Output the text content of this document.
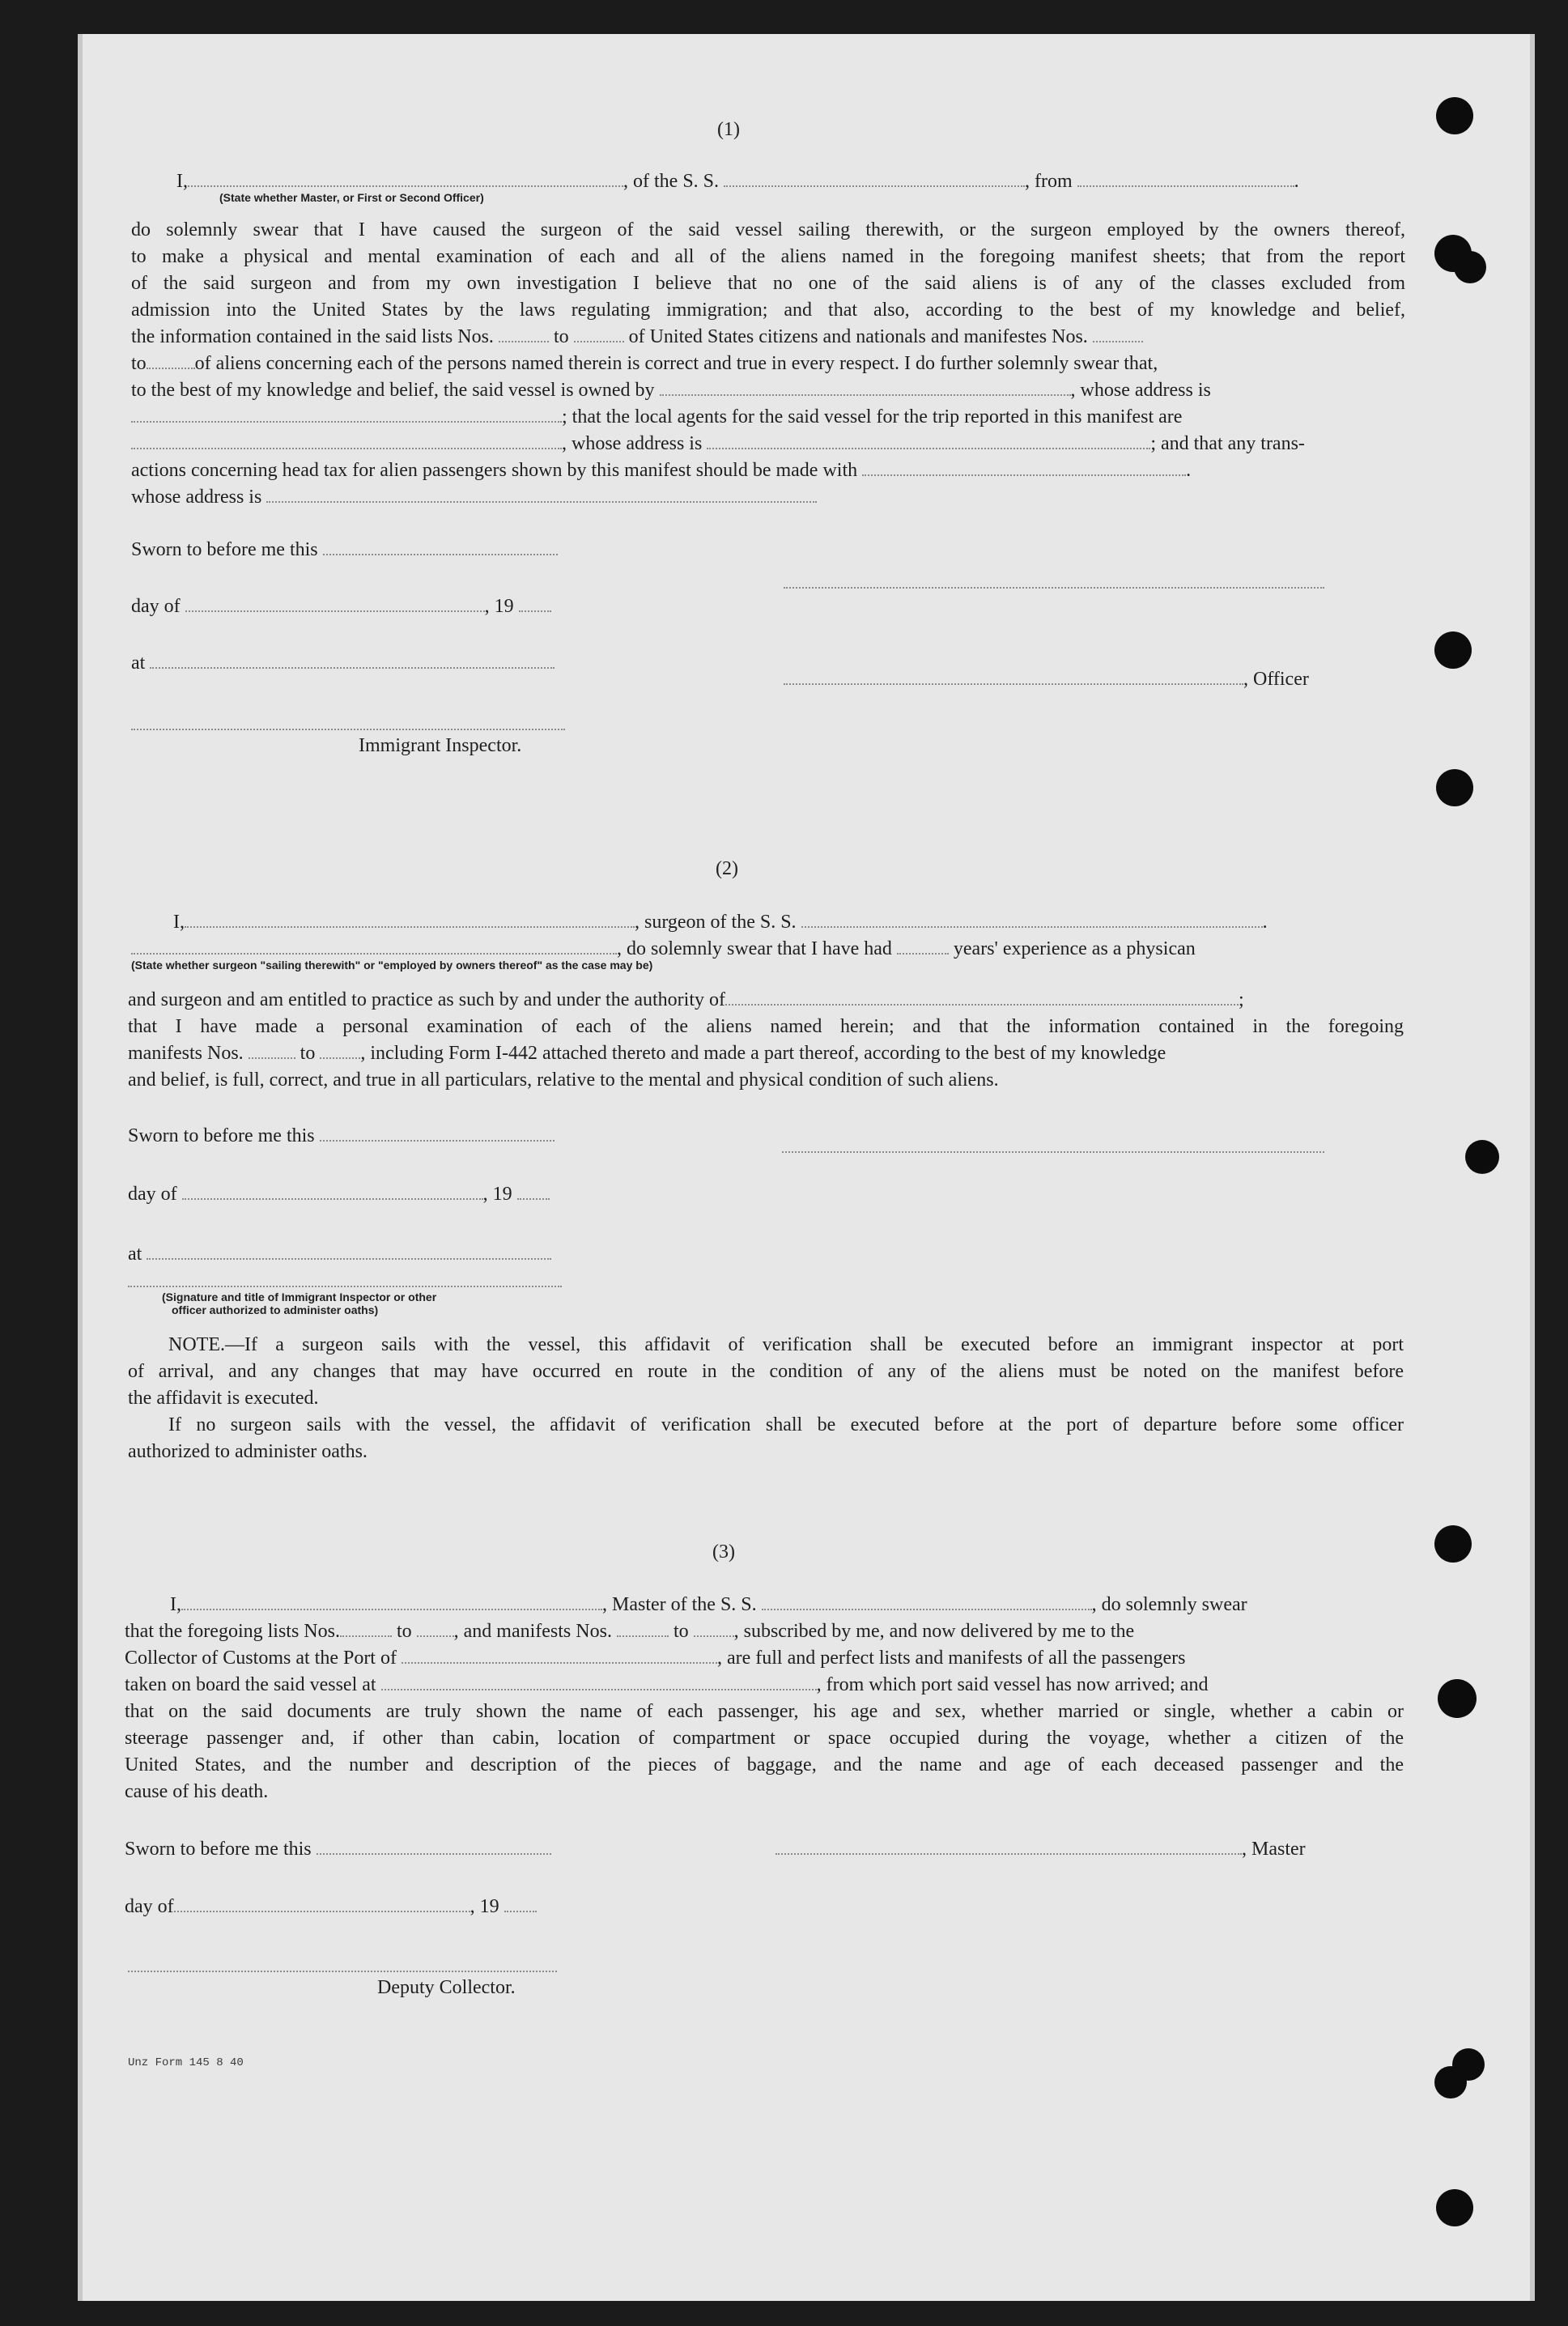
(1)
I,	, of the S. S.	, from	.
(State whether Master, or First or Second Officer)
do solemnly swear that I have caused the surgeon of the said vessel sailing therewith, or the surgeon employed by the owners thereof,
to make a physical and mental examination of each and all of the aliens named in the foregoing manifest sheets; that from the report
of the said surgeon and from my own investigation I believe that no one of the said aliens is of any of the classes excluded from
admission into the United States by the laws regulating immigration; and that also, according to the best of my knowledge and belief,
the information contained in the said lists Nos.	to	of United States citizens and nationals and manifestes Nos.
to	of aliens concerning each of the persons named therein is correct and true in every respect. I do further solemnly swear that,
to the best of my knowledge and belief, the said vessel is owned by	, whose address is
; that the local agents for the said vessel for the trip reported in this manifest are
, whose address is	; and that any trans-
actions concerning head tax for alien passengers shown by this manifest should be made with	.
whose address is
Sworn to before me this
day of	, 19
at
, Officer
Immigrant Inspector.
(2)
I,	, surgeon of the S. S.	.
, do solemnly swear that I have had	years' experience as a physican
(State whether surgeon "sailing therewith" or "employed by owners thereof" as the case may be)
and surgeon and am entitled to practice as such by and under the authority of	;
that I have made a personal examination of each of the aliens named herein; and that the information contained in the foregoing
manifests Nos.	to , including Form I-442 attached thereto and made a part thereof, according to the best of my knowledge
and belief, is full, correct, and true in all particulars, relative to the mental and physical condition of such aliens.
Sworn to before me this
day of	, 19
at
(Signature and title of Immigrant Inspector or other
officer authorized to administer oaths)
NOTE.—If a surgeon sails with the vessel, this affidavit of verification shall be executed before an immigrant inspector at port
of arrival, and any changes that may have occurred en route in the condition of any of the aliens must be noted on the manifest before
the affidavit is executed.
If no surgeon sails with the vessel, the affidavit of verification shall be executed before at the port of departure before some officer
authorized to administer oaths.
(3)
I,	, Master of the S. S.	, do solemnly swear
that the foregoing lists Nos.	to , and manifests Nos.	to , subscribed by me, and now delivered by me to the
Collector of Customs at the Port of	, are full and perfect lists and manifests of all the passengers
taken on board the said vessel at	, from which port said vessel has now arrived; and
that on the said documents are truly shown the name of each passenger, his age and sex, whether married or single, whether a cabin or
steerage passenger and, if other than cabin, location of compartment or space occupied during the voyage, whether a citizen of the
United States, and the number and description of the pieces of baggage, and the name and age of each deceased passenger and the
cause of his death.
Sworn to before me this	, Master
day of	, 19
Deputy Collector.
Unz Form 145 8 40
